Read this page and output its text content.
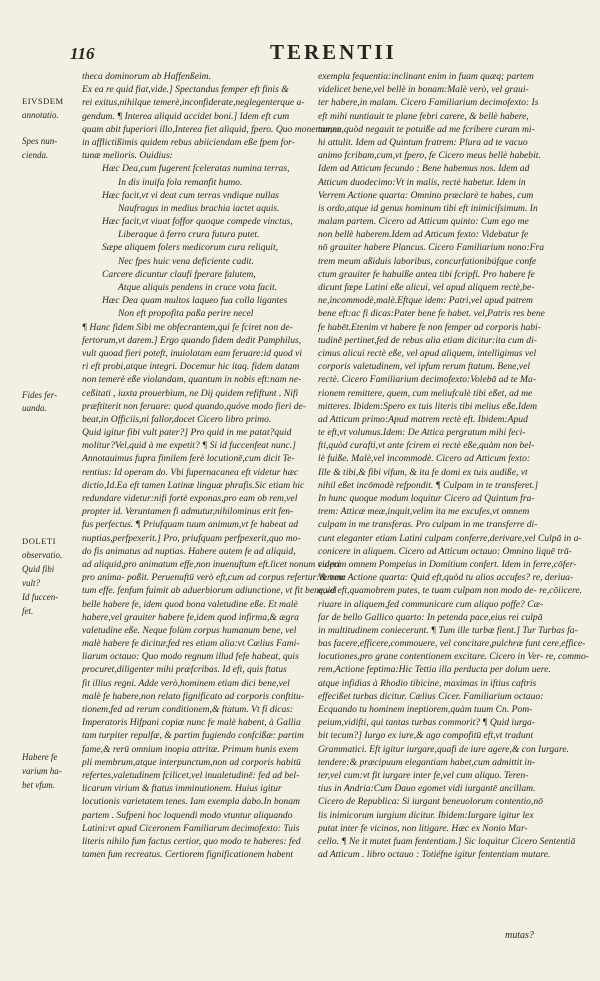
116	TERENTII
EIVSDEM
annotatio.
Spes nun-
cienda.
Fides fer-
uanda.
DOLETI
observatio.
Quid fibi
vult?
Id fuccen-
fet.
Habere fe
varium ha-
bet vfum.
theca dominorum ab Haffenßeim.
Ex ea re quid fiat,vide.] Spectandus femper eft finis &
rei exitus,nihilque temerè,inconfiderate,neglegenterque a-
gendum. ¶ Interea aliquid accidet boni.] Idem eft cum
quam abit fuperiori illo,Interea fiet aliquid, fpero. Quo monemur,ne
in afflictißimis quidem rebus abiiciendam eße fpem for-
tunæ melioris. Ouidius:
Hæc Dea,cum fugerent fceleratas numina terras,
In dis inuifa fola remanfit humo.
Hæc facit,vt vi deat cum terras vndique nullas
Naufragus in medius brachia iactet aquis.
Hæc facit,vt viuat foffor quoque compede vinctus,
Liberaque à ferro crura futura putet.
Sæpe aliquem folers medicorum cura reliquit,
Nec fpes huic vena deficiente cadit.
Carcere dicuntur claufi fperare falutem,
Atque aliquis pendens in cruce vota facit.
Hæc Dea quam multos laqueo fua colla ligantes
Non eft propofita paßa perire necel
¶ Hanc fidem Sibi me obfecrantem,qui fe fciret non de-
fertorum,vt darem.] Ergo quando fidem dedit Pamphilus,
vult quoad fieri poteft, inuiolatam eam feruare:id quod vi
ri eft probi,atque integri. Docemur hic itaq. fidem datam
non temerè eße violandam, quantum in nobis eft:nam ne-
ceßitati , iuxta prouerbium, ne Dij quidem refiftunt . Nifi
præftiterit non feruare: quod quando,quóve modo fieri de-
beat,in Officiis,ni fallor,docet Cicero libro primo.
Quid igitur fibi vult pater?] Pro quid in me patat?quid
molitur?Vel,quid à me expetit? ¶ Si id fuccenfeat nunc.]
Annotauimus fupra fimilem ferè locutionē,cum dicit Te-
rentius: Id operam do. Vbi fupernacanea eft videtur hæc
dictio,Id.Ea eft tamen Latinæ linguæ phrafis.Sic etiam hic
redundare videtur:nifi fortè exponas,pro eam ob rem,vel
propter id. Veruntamen fi admutur,nihilominus erit fen-
fus perfectus. ¶ Priufquam tuum animum,vt fe habeat ad
nuptias,perfpexerit.] Pro, priufquam perfpexerit,quo mo-
do fis animatus ad nuptias. Habere autem fe ad aliquid,
ad aliquid,pro animatum effe,non inuenuftum eft.licet nonum videri
pro anima- poßit. Peruenuftū verò eft,cum ad corpus refertur:& tunc
tum effe. fenfum fuimit ab aduerbiorum adiunctione, vt fit bene,vel
belle habere fe, idem quod bona valetudine eße. Et malè
habere,vel grauiter habere fe,idem quod infirma,& ægra
valetudine eße. Neque folùm corpus humanum bene, vel
malè habere fe dicitur,fed res etiam alia:vt Cælius Fami-
liarum octauo: Quo modo regnum illud fefe habeat, quis
procuret,diligenter mihi præfcribas. Id eft, quis ftatus
fit illius regni. Adde verò,hominem etiam dici bene,vel
malè fe habere,non relato fignificato ad corporis conftitu-
tionem,fed ad rerum conditionem,& ftatum. Vt fi dicas:
Imperatoris Hifpani copiæ nunc fe malè habent, à Gallia
tam turpiter repulfæ, & partim fugiendo confcißæ: partim
fame,& rerū omnium inopia attritæ. Primum hunis exem
pli membrum,atque interpunctum,non ad corporis habitū
refertes,valetudinem fcilicet,vel inualetudinē: fed ad bel-
licarum virium & ftatus imminutionem. Huius igitur
locutionis varietatem tenes. Iam exempla dabo.In bonam
partem . Sufpeni hoc loquendi modo vtuntur aliquando
Latini:vt apud Ciceronem Familiarum decimofexto: Tuis
literis nihilo fum factus certior, quo modo te haberes: fed
tamen fum recreatus. Certiorem fignificationem habent
exempla fequentia:inclinant enim in fuam quæq; partem
videlicet bene,vel bellè in bonam:Malè verò, vel graui-
ter habere,in malam. Cicero Familiarium decimofexto: Is
eft mihi nuntiauit te plane febri carere, & bellè habere,
tamen,quòd negauit te potuiße ad me fcribere curam mi-
hi attulit. Idem ad Quintum fratrem: Plura ad te vacuo
animo fcribam,cum,vt fpero, fe Cicero meus bellè habebit.
Idem ad Atticum fecundo : Bene habemus nos. Idem ad
Atticum duodecimo:Vt in malis, rectè habetur. Idem in
Verrem Actione quarta: Omnino præclarè te habes, cum
is ordo,atque id genus hominum tibi eft inimiciſsimum. In
malam partem. Cicero ad Atticum quinto: Cum ego me
non bellè haberem.Idem ad Atticum fexto: Videbatur fe
nō grauiter habere Plancus. Cicero Familiarium nono:Fra
trem meum aßiduis laboribus, concurfationibúfque confe
ctum grauiter fe habuiße antea tibi fcripfi. Pro habere fe
dicunt fæpe Latini eße alicui, vel apud aliquem rectè,be-
ne,incommodè,malè.Eftque idem: Patri,vel apud patrem
bene eft:ac fi dicas:Pater bene fe habet. vel,Patris res bene
fe habēt.Etenim vt habere fe non femper ad corporis habi-
tudinē pertinet,fed de rebus alia etiam dicitur:ita cum di-
cimus alicui rectè eße, vel apud aliquem, intelligimus vel
corporis valetudinem, vel ipfum rerum ftatum. Bene,vel
rectè. Cicero Familiarium decimofexto:Volebā ad te Ma-
rionem remittere, quem, cum meliufculè tibi eßet, ad me
mitteres. Ibidem:Spero ex tuis literis tibi melius eße.Idem
ad Atticum primo:Apud matrem rectè eft. Ibidem:Apud
te eft,vt volumus.Idem: De Attica pergratum mihi feci-
fti,quòd curafti,vt ante fcirem ei rectè eße,quàm non bel-
lè fuiße. Malè,vel incommodè. Cicero ad Atticum fexto:
Ille & tibi,& fibi vifum, & ita fe domi ex tuis audiße, vt
nihil eßet incōmodè refpondit. ¶ Culpam in te transferet.]
In hunc quoque modum loquitur Cicero ad Quintum fra-
trem: Atticæ meæ,inquit,velim ita me excufes,vt omnem
culpam in me transferas. Pro culpam in me transferre di-
cunt eleganter etiam Latini culpam conferre,derivare,vel Culpā in a-
conicere in aliquem. Cicero ad Atticum octauo: Omnino liquē trā-
culpam omnem Pompeius in Domitium confert. Idem in ferre,cōfer-
Verrem Actione quarta: Quid eft,quòd tu alios accufes? re, deriua-
quid eft,quamobrem putes, te tuam culpam non modo de- re,cōiicere.
riuare in aliquem,fed communicare cum aliquo poffe? Cæ-
far de bello Gallico quarto: In petenda pace,eius rei culpā
in multitudinem coniecerunt. ¶ Tum ille turbæ fient.] Tur Turbas fa-
bas facere,efficere,commouere, vel concitare,pulchræ funt cere,effice-
locutiones,pro grane contentionem excitare. Cicero in Ver- re, commo-
rem,Actione feptima:Hic Tettia illa perducta per dolum uere.
atque infidias à Rhodio tibicine, maximas in iftius caftris
effecißet turbas dicitur. Cælius Cicer. Familiarium octauo:
Ecquando tu hominem ineptiorem,quàm tuum Cn. Pom-
peium,vidifti, qui tantas turbas commorit? ¶ Quid iurga-
bit tecum?] Iurgo ex iure,& ago compofitū eft,vt tradunt
Grammatici. Eft igitur iurgare,quafi de iure agere,& con Iurgare.
tendere:& præcipuum elegantiam habet,cum admittit in-
ter,vel cum:vt fit iurgare inter fe,vel cum aliquo. Teren-
tius in Andria:Cum Dauo egomet vidi iurgantē ancillam.
Cicero de Republica: Si iurgant beneuolorum contentio,nō
lis inimicorum iurgium dicitur. Ibidem:Iurgare igitur lex
putat inter fe vicinos, non litigare. Hæc ex Nonio Mar-
cello. ¶ Ne it mutet fuam fententiam.] Sic loquitur Cicero Sententiā
ad Atticum . libro octauo : Totiéfne igitur fententiam mutare.
mutas?
